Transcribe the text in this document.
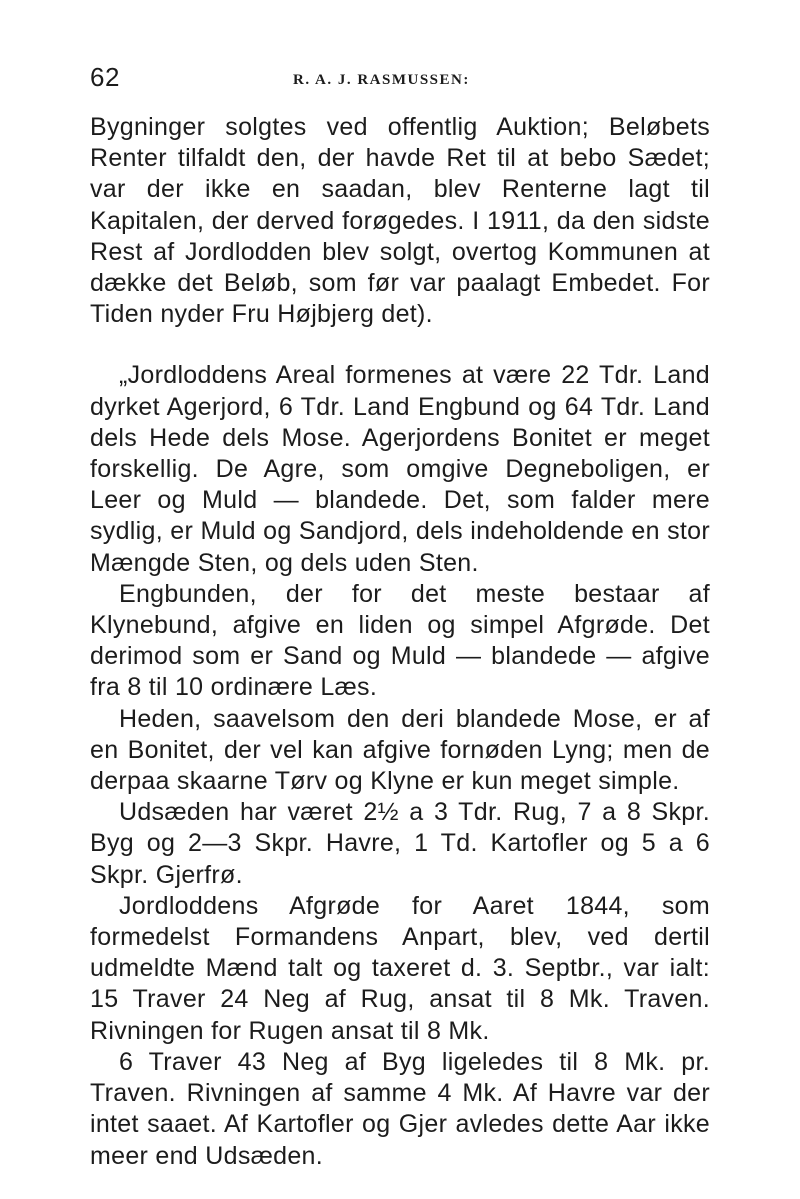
62	R. A. J. RASMUSSEN:

Bygninger solgtes ved offentlig Auktion; Beløbets Renter tilfaldt den, der havde Ret til at bebo Sædet; var der ikke en saadan, blev Renterne lagt til Kapitalen, der derved forøgedes. I 1911, da den sidste Rest af Jordlodden blev solgt, overtog Kommunen at dække det Beløb, som før var paalagt Embedet. For Tiden nyder Fru Højbjerg det).

„Jordloddens Areal formenes at være 22 Tdr. Land dyrket Agerjord, 6 Tdr. Land Engbund og 64 Tdr. Land dels Hede dels Mose. Agerjordens Bonitet er meget forskellig. De Agre, som omgive Degneboligen, er Leer og Muld — blandede. Det, som falder mere sydlig, er Muld og Sandjord, dels indeholdende en stor Mængde Sten, og dels uden Sten.

Engbunden, der for det meste bestaar af Klynebund, afgive en liden og simpel Afgrøde. Det derimod som er Sand og Muld — blandede — afgive fra 8 til 10 ordinære Læs.

Heden, saavelsom den deri blandede Mose, er af en Bonitet, der vel kan afgive fornøden Lyng; men de derpaa skaarne Tørv og Klyne er kun meget simple.

Udsæden har været 2½ a 3 Tdr. Rug, 7 a 8 Skpr. Byg og 2—3 Skpr. Havre, 1 Td. Kartofler og 5 a 6 Skpr. Gjerfrø.

Jordloddens Afgrøde for Aaret 1844, som formedelst Formandens Anpart, blev, ved dertil udmeldte Mænd talt og taxeret d. 3. Septbr., var ialt: 15 Traver 24 Neg af Rug, ansat til 8 Mk. Traven. Rivningen for Rugen ansat til 8 Mk.

6 Traver 43 Neg af Byg ligeledes til 8 Mk. pr. Traven. Rivningen af samme 4 Mk. Af Havre var der intet saaet. Af Kartofler og Gjer avledes dette Aar ikke meer end Udsæden.
